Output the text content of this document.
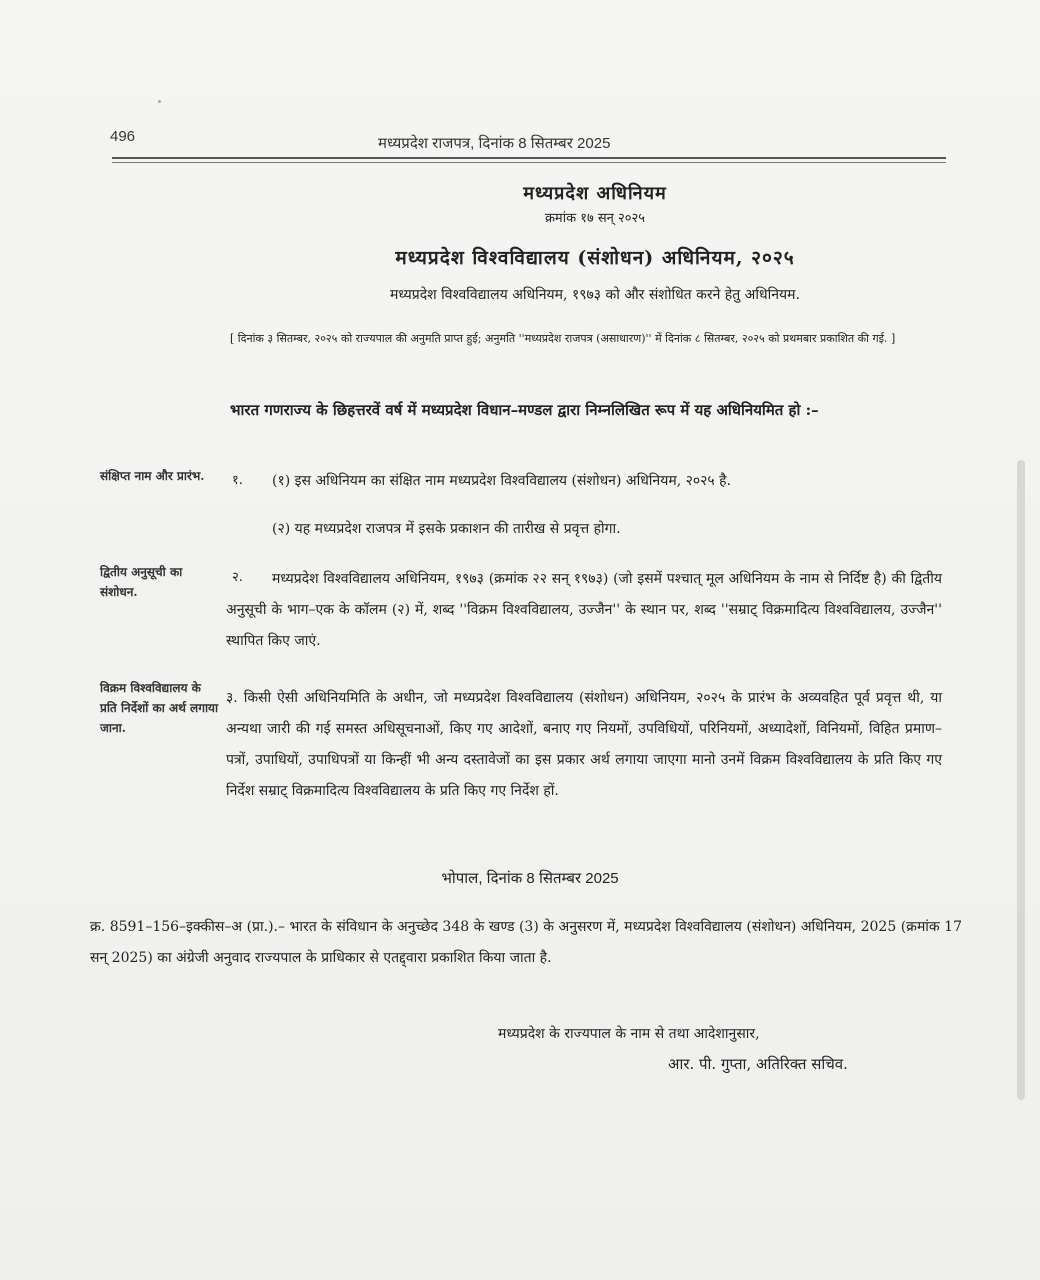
496	मध्यप्रदेश राजपत्र, दिनांक 8 सितम्बर 2025
मध्यप्रदेश अधिनियम
क्रमांक १७ सन् २०२५
मध्यप्रदेश विश्वविद्यालय (संशोधन) अधिनियम, २०२५
मध्यप्रदेश विश्वविद्यालय अधिनियम, १९७३ को और संशोधित करने हेतु अधिनियम.
[ दिनांक ३ सितम्बर, २०२५ को राज्यपाल की अनुमति प्राप्त हुई; अनुमति ''मध्यप्रदेश राजपत्र (असाधारण)'' में दिनांक ८ सितम्बर, २०२५ को प्रथमबार प्रकाशित की गई. ]
भारत गणराज्य के छिहत्तरवें वर्ष में मध्यप्रदेश विधान–मण्डल द्वारा निम्नलिखित रूप में यह अधिनियमित हो :–
संक्षिप्त नाम और प्रारंभ.	१. (१) इस अधिनियम का संक्षित नाम मध्यप्रदेश विश्वविद्यालय (संशोधन) अधिनियम, २०२५ है.
(२) यह मध्यप्रदेश राजपत्र में इसके प्रकाशन की तारीख से प्रवृत्त होगा.
द्वितीय अनुसूची का संशोधन.
२.	मध्यप्रदेश विश्वविद्यालय अधिनियम, १९७३ (क्रमांक २२ सन् १९७३) (जो इसमें पश्चात् मूल अधिनियम के नाम से निर्दिष्ट है) की द्वितीय अनुसूची के भाग–एक के कॉलम (२) में, शब्द ''विक्रम विश्वविद्यालय, उज्जैन'' के स्थान पर, शब्द ''सम्राट् विक्रमादित्य विश्वविद्यालय, उज्जैन'' स्थापित किए जाएं.
विक्रम विश्वविद्यालय के प्रति निर्देशों का अर्थ लगाया जाना.
३. किसी ऐसी अधिनियमिति के अधीन, जो मध्यप्रदेश विश्वविद्यालय (संशोधन) अधिनियम, २०२५ के प्रारंभ के अव्यवहित पूर्व प्रवृत्त थी, या अन्यथा जारी की गई समस्त अधिसूचनाओं, किए गए आदेशों, बनाए गए नियमों, उपविधियों, परिनियमों, अध्यादेशों, विनियमों, विहित प्रमाण–पत्रों, उपाधियों, उपाधिपत्रों या किन्हीं भी अन्य दस्तावेजों का इस प्रकार अर्थ लगाया जाएगा मानो उनमें विक्रम विश्वविद्यालय के प्रति किए गए निर्देश सम्राट् विक्रमादित्य विश्वविद्यालय के प्रति किए गए निर्देश हों.
भोपाल, दिनांक 8 सितम्बर 2025
क्र. 8591–156–इक्कीस–अ (प्रा.).– भारत के संविधान के अनुच्छेद 348 के खण्ड (3) के अनुसरण में, मध्यप्रदेश विश्वविद्यालय (संशोधन) अधिनियम, 2025 (क्रमांक 17 सन् 2025) का अंग्रेजी अनुवाद राज्यपाल के प्राधिकार से एतद्द्वारा प्रकाशित किया जाता है.
मध्यप्रदेश के राज्यपाल के नाम से तथा आदेशानुसार,
आर. पी. गुप्ता, अतिरिक्त सचिव.
